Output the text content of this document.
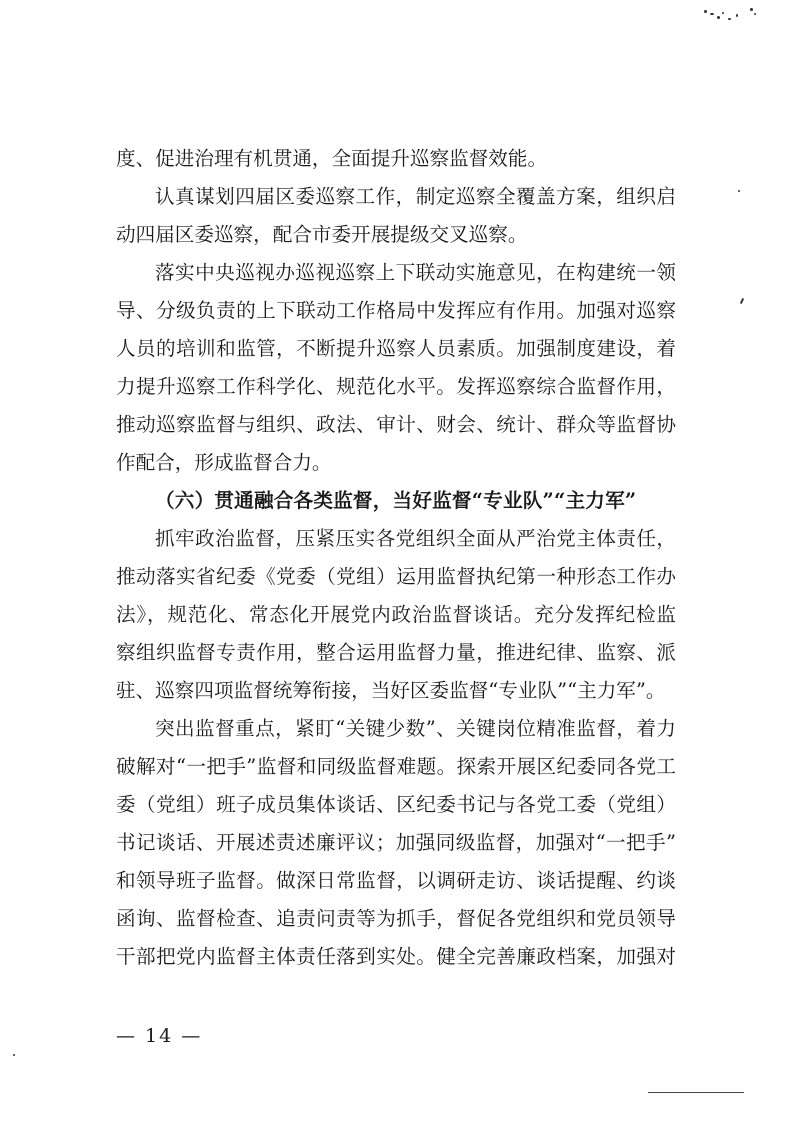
度、促进治理有机贯通，全面提升巡察监督效能。
认真谋划四届区委巡察工作，制定巡察全覆盖方案，组织启
动四届区委巡察，配合市委开展提级交叉巡察。
落实中央巡视办巡视巡察上下联动实施意见，在构建统一领
导、分级负责的上下联动工作格局中发挥应有作用。加强对巡察
人员的培训和监管，不断提升巡察人员素质。加强制度建设，着
力提升巡察工作科学化、规范化水平。发挥巡察综合监督作用，
推动巡察监督与组织、政法、审计、财会、统计、群众等监督协
作配合，形成监督合力。
（六）贯通融合各类监督，当好监督“专业队”“主力军”
抓牢政治监督，压紧压实各党组织全面从严治党主体责任，
推动落实省纪委《党委（党组）运用监督执纪第一种形态工作办
法》，规范化、常态化开展党内政治监督谈话。充分发挥纪检监
察组织监督专责作用，整合运用监督力量，推进纪律、监察、派
驻、巡察四项监督统筹衔接，当好区委监督“专业队”“主力军”。
突出监督重点，紧盯“关键少数”、关键岗位精准监督，着力
破解对“一把手”监督和同级监督难题。探索开展区纪委同各党工
委（党组）班子成员集体谈话、区纪委书记与各党工委（党组）
书记谈话、开展述责述廉评议；加强同级监督，加强对“一把手”
和领导班子监督。做深日常监督，以调研走访、谈话提醒、约谈
函询、监督检查、追责问责等为抓手，督促各党组织和党员领导
干部把党内监督主体责任落到实处。健全完善廉政档案，加强对
— 14 —
